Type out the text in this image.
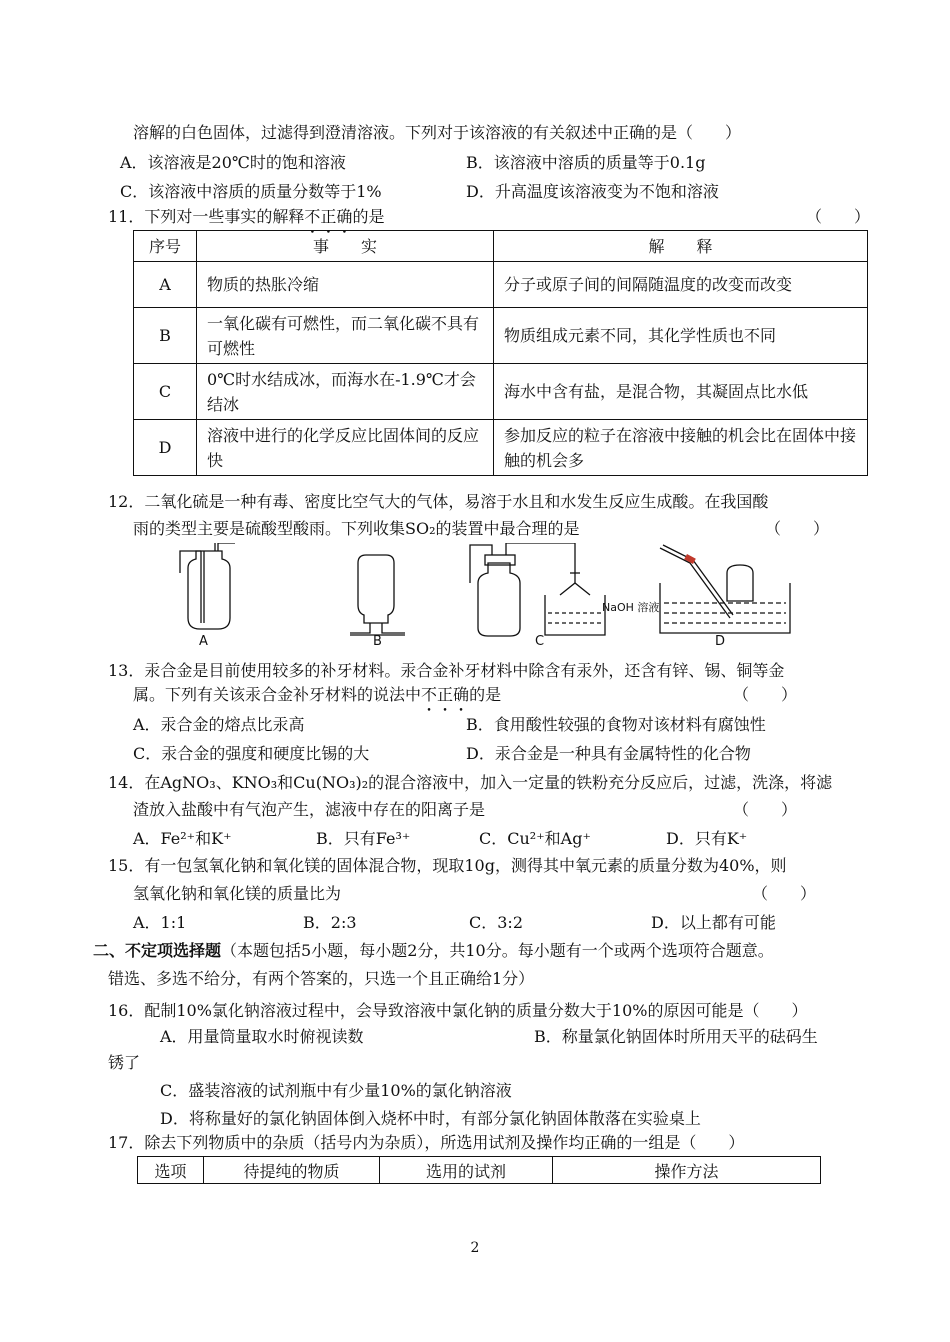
溶解的白色固体，过滤得到澄清溶液。下列对于该溶液的有关叙述中正确的是（　　）
A．该溶液是20℃时的饱和溶液	B．该溶液中溶质的质量等于0.1g
C．该溶液中溶质的质量分数等于1%	D．升高温度该溶液变为不饱和溶液
11．下列对一些事实的解释不正确的是	（　　）
序号	事　　实	解　　释
A	物质的热胀冷缩	分子或原子间的间隔随温度的改变而改变
B	一氧化碳有可燃性，而二氧化碳不具有可燃性	物质组成元素不同，其化学性质也不同
C	0℃时水结成冰，而海水在-1.9℃才会结冰	海水中含有盐，是混合物，其凝固点比水低
D	溶液中进行的化学反应比固体间的反应快	参加反应的粒子在溶液中接触的机会比在固体中接触的机会多
12．二氧化硫是一种有毒、密度比空气大的气体，易溶于水且和水发生反应生成酸。在我国酸
雨的类型主要是硫酸型酸雨。下列收集SO₂的装置中最合理的是	（　　）
A	B	C	D
NaOH 溶液
13．汞合金是目前使用较多的补牙材料。汞合金补牙材料中除含有汞外，还含有锌、锡、铜等金
属。下列有关该汞合金补牙材料的说法中不正确的是	（　　）
A．汞合金的熔点比汞高	B．食用酸性较强的食物对该材料有腐蚀性
C．汞合金的强度和硬度比锡的大	D．汞合金是一种具有金属特性的化合物
14．在AgNO₃、KNO₃和Cu(NO₃)₂的混合溶液中，加入一定量的铁粉充分反应后，过滤，洗涤，将滤
渣放入盐酸中有气泡产生，滤液中存在的阳离子是	（　　）
A．Fe²⁺和K⁺	B．只有Fe³⁺	C．Cu²⁺和Ag⁺	D．只有K⁺
15．有一包氢氧化钠和氧化镁的固体混合物，现取10g，测得其中氧元素的质量分数为40%，则
氢氧化钠和氧化镁的质量比为	（　　）
A．1:1	B．2:3	C．3:2	D．以上都有可能
二、不定项选择题（本题包括5小题，每小题2分，共10分。每小题有一个或两个选项符合题意。
错选、多选不给分，有两个答案的，只选一个且正确给1分）
16．配制10%氯化钠溶液过程中，会导致溶液中氯化钠的质量分数大于10%的原因可能是（　　）
A．用量筒量取水时俯视读数	B．称量氯化钠固体时所用天平的砝码生
锈了
C．盛装溶液的试剂瓶中有少量10%的氯化钠溶液
D．将称量好的氯化钠固体倒入烧杯中时，有部分氯化钠固体散落在实验桌上
17．除去下列物质中的杂质（括号内为杂质），所选用试剂及操作均正确的一组是（　　）
选项	待提纯的物质	选用的试剂	操作方法
2
